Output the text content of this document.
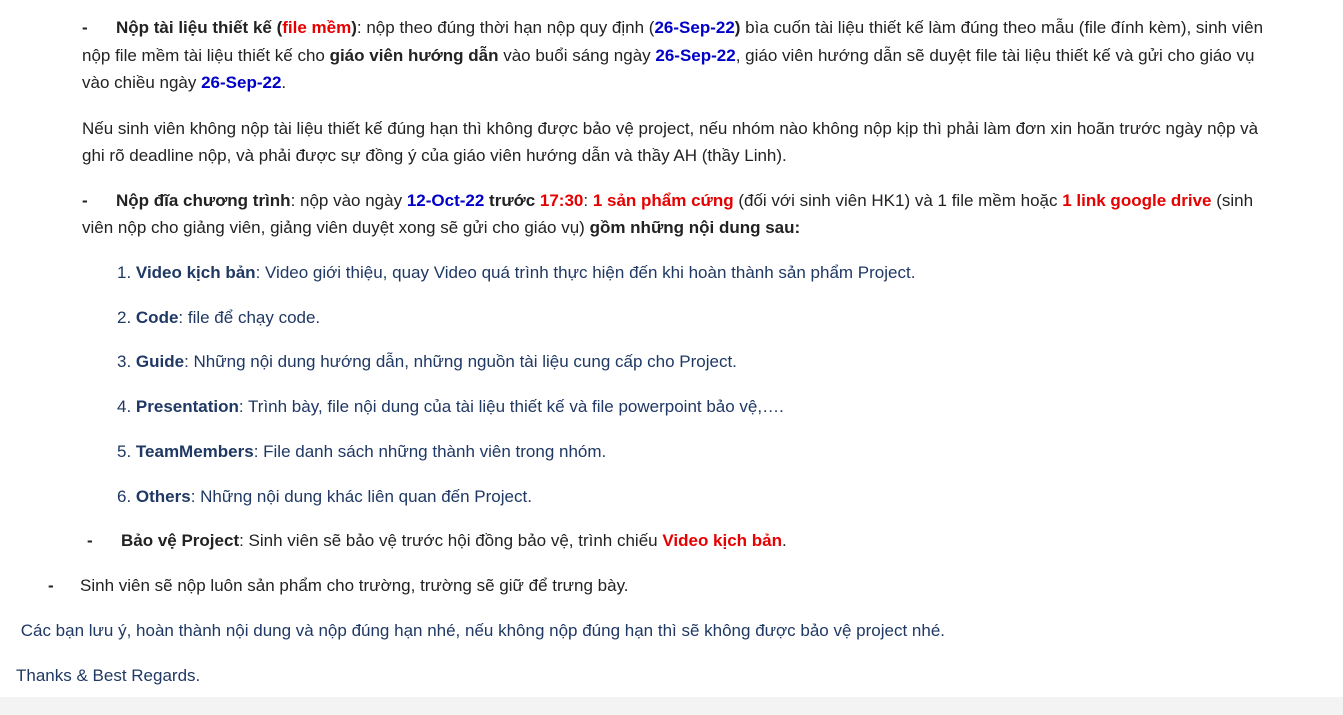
- Nộp tài liệu thiết kế (file mềm): nộp theo đúng thời hạn nộp quy định (26-Sep-22) bìa cuốn tài liệu thiết kế làm đúng theo mẫu (file đính kèm), sinh viên
nộp file mềm tài liệu thiết kế cho giáo viên hướng dẫn vào buổi sáng ngày 26-Sep-22, giáo viên hướng dẫn sẽ duyệt file tài liệu thiết kế và gửi cho giáo vụ
vào chiều ngày 26-Sep-22.
Nếu sinh viên không nộp tài liệu thiết kế đúng hạn thì không được bảo vệ project, nếu nhóm nào không nộp kịp thì phải làm đơn xin hoãn trước ngày nộp và
ghi rõ deadline nộp, và phải được sự đồng ý của giáo viên hướng dẫn và thầy AH (thầy Linh).
- Nộp đĩa chương trình: nộp vào ngày 12-Oct-22 trước 17:30: 1 sản phẩm cứng (đối với sinh viên HK1) và 1 file mềm hoặc 1 link google drive (sinh
viên nộp cho giảng viên, giảng viên duyệt xong sẽ gửi cho giáo vụ) gồm những nội dung sau:
1. Video kịch bản: Video giới thiệu, quay Video quá trình thực hiện đến khi hoàn thành sản phẩm Project.
2. Code: file để chạy code.
3. Guide: Những nội dung hướng dẫn, những nguồn tài liệu cung cấp cho Project.
4. Presentation: Trình bày, file nội dung của tài liệu thiết kế và file powerpoint bảo vệ,….
5. TeamMembers: File danh sách những thành viên trong nhóm.
6. Others: Những nội dung khác liên quan đến Project.
- Bảo vệ Project: Sinh viên sẽ bảo vệ trước hội đồng bảo vệ, trình chiếu Video kịch bản.
- Sinh viên sẽ nộp luôn sản phẩm cho trường, trường sẽ giữ để trưng bày.
Các bạn lưu ý, hoàn thành nội dung và nộp đúng hạn nhé, nếu không nộp đúng hạn thì sẽ không được bảo vệ project nhé.
Thanks & Best Regards.
